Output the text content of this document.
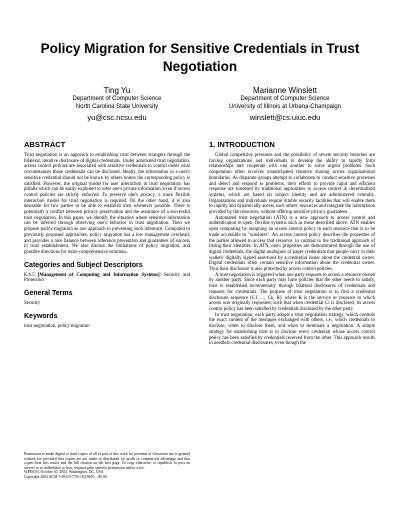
Policy Migration for Sensitive Credentials in Trust Negotiation
Ting Yu
Department of Computer Science
North Carolina State University
yu@csc.ncsu.edu
Marianne Winslett
Department of Computer Science
University of Illinois at Urbana-Champaign
winslett@cs.uiuc.edu
ABSTRACT

Trust negotiation is an approach to establishing trust between strangers through the bilateral, iterative disclosure of digital credentials. Under automated trust negotiation, access control policies are associated with sensitive credentials to control under what circumstances those credentials can be disclosed. Ideally, the information in a user's sensitive credential should not be known by others unless the corresponding policy is satisfied. However, the original model for user interaction in trust negotiation has pitfalls which can be easily exploited to infer one's private information, even if access control policies are strictly enforced. To preserve one's privacy, a more flexible interaction model for trust negotiation is required. On the other hand, it is also desirable for two parties to be able to establish trust whenever possible. There is potentially a conflict between privacy preservation and the assurance of a successful trust negotiation. In this paper, we identify the situation where sensitive information can be inferred through observing one's behavior in trust negotiation. Then we propose policy migration as one approach to preventing such inference. Compared to previously proposed approaches, policy migration has a low management overhead, and provides a nice balance between inference prevention and guarantees of success in trust establishment. We also discuss the limitations of policy migration, and possible directions for more comprehensive solutions.

Categories and Subject Descriptors

K.6.5 [Management of Computing and Information Systems]: Security and Protection

General Terms

Security

Keywords

trust negotiation, policy migration

Permission to make digital or hard copies of all or part of this work for personal or classroom use is granted without fee provided that copies are not made or distributed for profit or commercial advantage and that copies bear this notice and the full citation on the first page. To copy otherwise, to republish, to post on servers or to redistribute to lists, requires prior specific permission and/or a fee.

WPES'03, October 30, 2003, Washington, DC, USA.

Copyright 2003 ACM 1-58113-776-1/03/0010 ...$5.00.

1. INTRODUCTION

Global competitive pressures and the possibility of severe security breaches are forcing organizations and individuals to develop the ability to rapidly form relationships and cooperate with one another to solve urgent problems. Such cooperation often involves unanticipated resource sharing across organizational boundaries. As disparate groups attempt to collaborate to conduct sensitive processes and detect and respond to problems, their efforts to provide rapid and efficient response are hindered by traditional approaches to access control in decentralized systems, which are based on subject identity and are administered centrally. Organizations and individuals require nimble security facilities that will enable them to rapidly and dynamically access each others' resources and integrate the information provided by the resources, without offering sensitive privacy guarantees.

Automated trust negotiation (ATN) is a new approach to access control and authentication in open, flexible systems such as those described above. ATN enables open computing by assigning an access control policy to each resource that is to be made accessible to "outsiders". An access control policy describes the properties of the parties allowed to access that resource, in contrast to the traditional approach of listing their identities. In ATN, one's properties are demonstrated through the use of digital credentials, the digital analogues of paper credentials that people carry in their wallets: digitally signed assertions by a credential issuer about the credential owner. Digital credentials often contain sensitive information about the credential owner. Thus their disclosure is also protected by access control policies.

A trust negotiation is triggered when one party requests to access a resource owned by another party. Since each party may have policies that the other needs to satisfy, trust is established incrementally through bilateral disclosures of credentials and requests for credentials. The purpose of trust negotiation is to find a credential disclosure sequence (C1, ..., Ck, R), where R is the service or resource to which access was originally requested, such that when credential Ci is disclosed, its access control policy has been satisfied by credentials disclosed by the other party.

In trust negotiation, each party adopts a trust negotiation strategy, which controls the exact content of the messages exchanged with others, i.e., which credentials to disclose, when to disclose them, and when to terminate a negotiation. A simple strategy for establishing trust is to disclose every credential whose access control policy has been satisfied by credentials received from the other. This approach results in needless credential disclosures, even though the
